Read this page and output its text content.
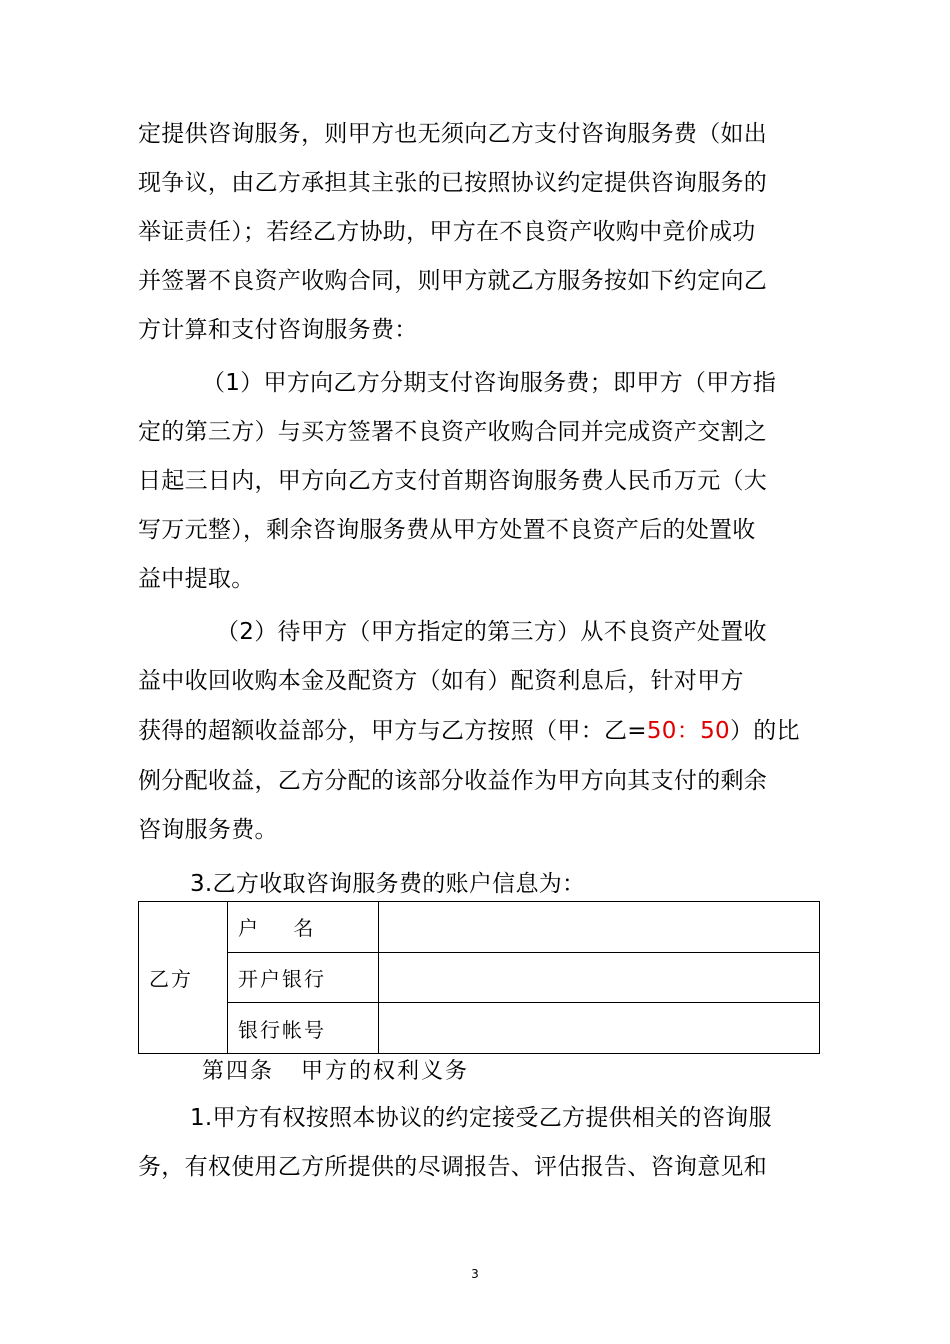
定提供咨询服务，则甲方也无须向乙方支付咨询服务费（如出
现争议，由乙方承担其主张的已按照协议约定提供咨询服务的
举证责任）；若经乙方协助，甲方在不良资产收购中竞价成功
并签署不良资产收购合同，则甲方就乙方服务按如下约定向乙
方计算和支付咨询服务费：
（1）甲方向乙方分期支付咨询服务费；即甲方（甲方指
定的第三方）与买方签署不良资产收购合同并完成资产交割之
日起三日内，甲方向乙方支付首期咨询服务费人民币万元（大
写万元整），剩余咨询服务费从甲方处置不良资产后的处置收
益中提取。
（2）待甲方（甲方指定的第三方）从不良资产处置收
益中收回收购本金及配资方（如有）配资利息后，针对甲方
获得的超额收益部分，甲方与乙方按照（甲：乙=50：50）的比
例分配收益，乙方分配的该部分收益作为甲方向其支付的剩余
咨询服务费。
3.乙方收取咨询服务费的账户信息为：
乙方	户    名	
	开户银行	
	银行帐号	
第四条   甲方的权利义务
1.甲方有权按照本协议的约定接受乙方提供相关的咨询服
务，有权使用乙方所提供的尽调报告、评估报告、咨询意见和
3
